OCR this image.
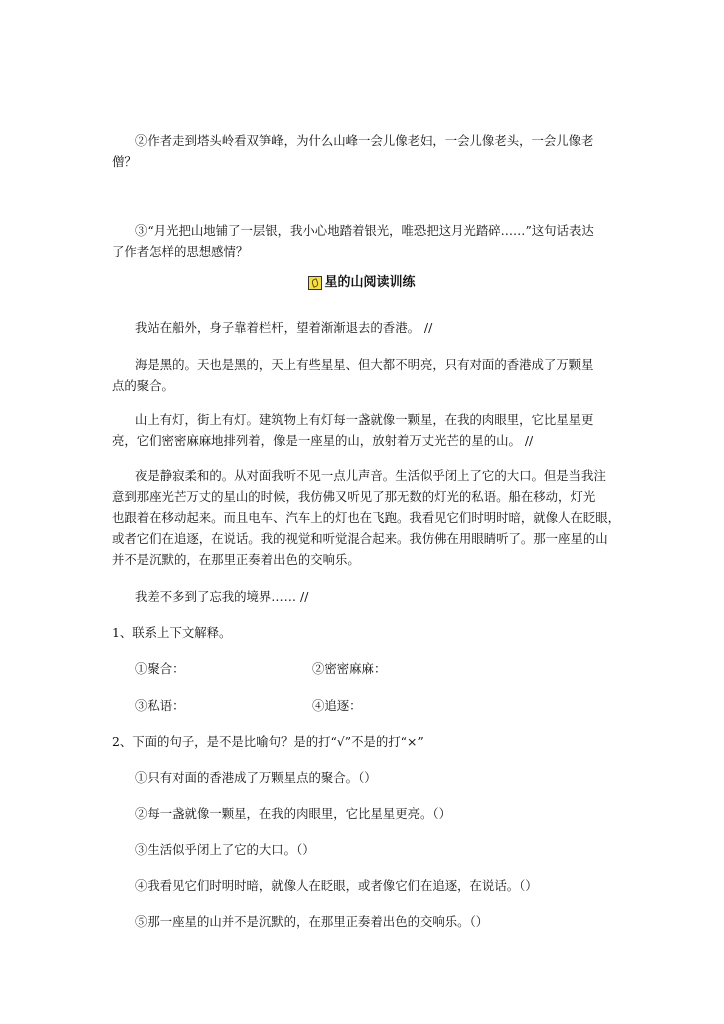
②作者走到塔头岭看双笋峰，为什么山峰一会儿像老妇，一会儿像老头，一会儿像老
僧？
③“月光把山地铺了一层银，我小心地踏着银光，唯恐把这月光踏碎……”这句话表达
了作者怎样的思想感情？
星的山阅读训练
我站在船外，身子靠着栏杆，望着渐渐退去的香港。 //
海是黑的。天也是黑的，天上有些星星、但大都不明亮，只有对面的香港成了万颗星
点的聚合。
山上有灯，街上有灯。建筑物上有灯每一盏就像一颗星，在我的肉眼里，它比星星更
亮，它们密密麻麻地排列着，像是一座星的山，放射着万丈光芒的星的山。 //
夜是静寂柔和的。从对面我听不见一点儿声音。生活似乎闭上了它的大口。但是当我注
意到那座光芒万丈的星山的时候，我仿佛又听见了那无数的灯光的私语。船在移动，灯光
也跟着在移动起来。而且电车、汽车上的灯也在飞跑。我看见它们时明时暗，就像人在眨眼，
或者它们在追逐，在说话。我的视觉和听觉混合起来。我仿佛在用眼睛听了。那一座星的山
并不是沉默的，在那里正奏着出色的交响乐。
我差不多到了忘我的境界…… //
1、联系上下文解释。
①聚合：	②密密麻麻：
③私语：	④追逐：
2、下面的句子，是不是比喻句？是的打“√”不是的打“×”
①只有对面的香港成了万颗星点的聚合。（）
②每一盏就像一颗星，在我的肉眼里，它比星星更亮。（）
③生活似乎闭上了它的大口。（）
④我看见它们时明时暗，就像人在眨眼，或者像它们在追逐，在说话。（）
⑤那一座星的山并不是沉默的，在那里正奏着出色的交响乐。（）
